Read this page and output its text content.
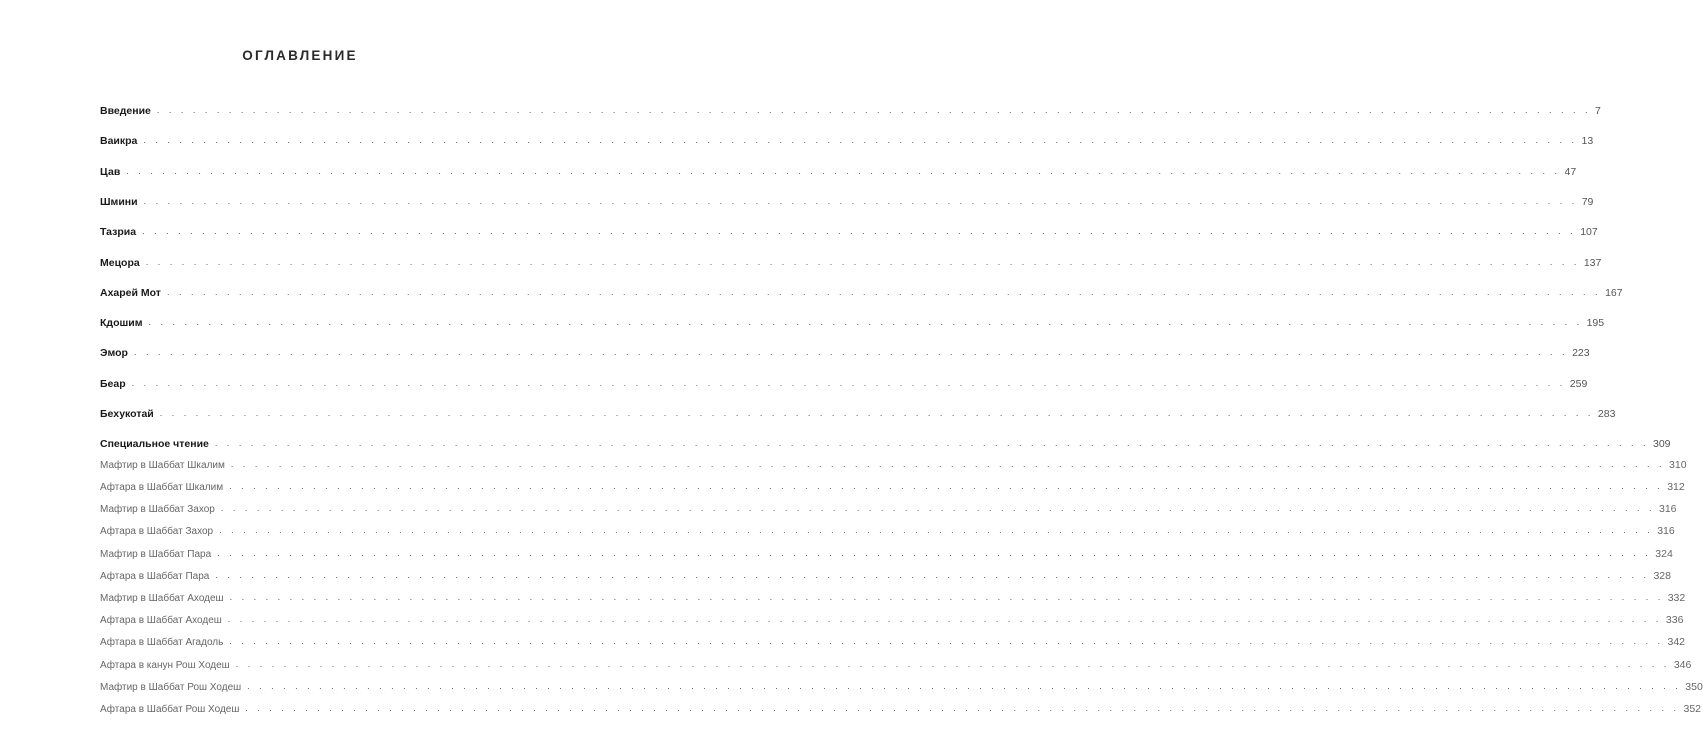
ОГЛАВЛЕНИЕ
Введение . . . . . . . . . . . . . . . . . . . . . . . . . . . . . . . . . . . . . . . . . . . . . . . . . . . . . . . . . . . . . . . . . . . . . . . . . . . . . . . . . . . . . . . . . . . . . . . . . . . . . . . . . . . . . . . . . . . . . . . . 7
Ваикра . . . . . . . . . . . . . . . . . . . . . . . . . . . . . . . . . . . . . . . . . . . . . . . . . . . . . . . . . . . . . . . . . . . . . . . . . . . . . . . . . . . . . . . . . . . . . . . . . . . . . . . . . . . . . . . . . . . . . . . . 13
Цав . . . . . . . . . . . . . . . . . . . . . . . . . . . . . . . . . . . . . . . . . . . . . . . . . . . . . . . . . . . . . . . . . . . . . . . . . . . . . . . . . . . . . . . . . . . . . . . . . . . . . . . . . . . . . . . . . . . . . . . . 47
Шмини . . . . . . . . . . . . . . . . . . . . . . . . . . . . . . . . . . . . . . . . . . . . . . . . . . . . . . . . . . . . . . . . . . . . . . . . . . . . . . . . . . . . . . . . . . . . . . . . . . . . . . . . . . . . . . . . . . . . . . . . 79
Тазриа . . . . . . . . . . . . . . . . . . . . . . . . . . . . . . . . . . . . . . . . . . . . . . . . . . . . . . . . . . . . . . . . . . . . . . . . . . . . . . . . . . . . . . . . . . . . . . . . . . . . . . . . . . . . . . . . . . . . . . . . 107
Мецора . . . . . . . . . . . . . . . . . . . . . . . . . . . . . . . . . . . . . . . . . . . . . . . . . . . . . . . . . . . . . . . . . . . . . . . . . . . . . . . . . . . . . . . . . . . . . . . . . . . . . . . . . . . . . . . . . . . . . . . . 137
Ахарей Мот . . . . . . . . . . . . . . . . . . . . . . . . . . . . . . . . . . . . . . . . . . . . . . . . . . . . . . . . . . . . . . . . . . . . . . . . . . . . . . . . . . . . . . . . . . . . . . . . . . . . . . . . . . . . . . . . . . . . . . . . 167
Кдошим . . . . . . . . . . . . . . . . . . . . . . . . . . . . . . . . . . . . . . . . . . . . . . . . . . . . . . . . . . . . . . . . . . . . . . . . . . . . . . . . . . . . . . . . . . . . . . . . . . . . . . . . . . . . . . . . . . . . . . . . 195
Эмор . . . . . . . . . . . . . . . . . . . . . . . . . . . . . . . . . . . . . . . . . . . . . . . . . . . . . . . . . . . . . . . . . . . . . . . . . . . . . . . . . . . . . . . . . . . . . . . . . . . . . . . . . . . . . . . . . . . . . . . . 223
Беар . . . . . . . . . . . . . . . . . . . . . . . . . . . . . . . . . . . . . . . . . . . . . . . . . . . . . . . . . . . . . . . . . . . . . . . . . . . . . . . . . . . . . . . . . . . . . . . . . . . . . . . . . . . . . . . . . . . . . . . . 259
Бехукотай . . . . . . . . . . . . . . . . . . . . . . . . . . . . . . . . . . . . . . . . . . . . . . . . . . . . . . . . . . . . . . . . . . . . . . . . . . . . . . . . . . . . . . . . . . . . . . . . . . . . . . . . . . . . . . . . . . . . . . . . 283
Специальное чтение . . . . . . . . . . . . . . . . . . . . . . . . . . . . . . . . . . . . . . . . . . . . . . . . . . . . . . . . . . . . . . . . . . . . . . . . . . . . . . . . . . . . . . . . . . . . . . . . . . . . . . . . . . . . . . . . . . . . . . . . 309
Мафтир в Шаббат Шкалим . . . . . . . . . . . . . . . . . . . . . . . . . . . . . . . . . . . . . . . . . . . . . . . . . . . . . . . . . . . . . . . . . . . . . . . . . . . . . . . . . . . . . . . . . . . . . . . . . . . . . . . . . . . . . . . . . . . . . . . . 310
Афтара в Шаббат Шкалим . . . . . . . . . . . . . . . . . . . . . . . . . . . . . . . . . . . . . . . . . . . . . . . . . . . . . . . . . . . . . . . . . . . . . . . . . . . . . . . . . . . . . . . . . . . . . . . . . . . . . . . . . . . . . . . . . . . . . . . . 312
Мафтир в Шаббат Захор . . . . . . . . . . . . . . . . . . . . . . . . . . . . . . . . . . . . . . . . . . . . . . . . . . . . . . . . . . . . . . . . . . . . . . . . . . . . . . . . . . . . . . . . . . . . . . . . . . . . . . . . . . . . . . . . . . . . . . . . 316
Афтара в Шаббат Захор . . . . . . . . . . . . . . . . . . . . . . . . . . . . . . . . . . . . . . . . . . . . . . . . . . . . . . . . . . . . . . . . . . . . . . . . . . . . . . . . . . . . . . . . . . . . . . . . . . . . . . . . . . . . . . . . . . . . . . . . 316
Мафтир в Шаббат Пара . . . . . . . . . . . . . . . . . . . . . . . . . . . . . . . . . . . . . . . . . . . . . . . . . . . . . . . . . . . . . . . . . . . . . . . . . . . . . . . . . . . . . . . . . . . . . . . . . . . . . . . . . . . . . . . . . . . . . . . . 324
Афтара в Шаббат Пара . . . . . . . . . . . . . . . . . . . . . . . . . . . . . . . . . . . . . . . . . . . . . . . . . . . . . . . . . . . . . . . . . . . . . . . . . . . . . . . . . . . . . . . . . . . . . . . . . . . . . . . . . . . . . . . . . . . . . . . . 328
Мафтир в Шаббат Аходеш . . . . . . . . . . . . . . . . . . . . . . . . . . . . . . . . . . . . . . . . . . . . . . . . . . . . . . . . . . . . . . . . . . . . . . . . . . . . . . . . . . . . . . . . . . . . . . . . . . . . . . . . . . . . . . . . . . . . . . . . 332
Афтара в Шаббат Аходеш . . . . . . . . . . . . . . . . . . . . . . . . . . . . . . . . . . . . . . . . . . . . . . . . . . . . . . . . . . . . . . . . . . . . . . . . . . . . . . . . . . . . . . . . . . . . . . . . . . . . . . . . . . . . . . . . . . . . . . . . 336
Афтара в Шаббат Агадоль . . . . . . . . . . . . . . . . . . . . . . . . . . . . . . . . . . . . . . . . . . . . . . . . . . . . . . . . . . . . . . . . . . . . . . . . . . . . . . . . . . . . . . . . . . . . . . . . . . . . . . . . . . . . . . . . . . . . . . . . 342
Афтара в канун Рош Ходеш . . . . . . . . . . . . . . . . . . . . . . . . . . . . . . . . . . . . . . . . . . . . . . . . . . . . . . . . . . . . . . . . . . . . . . . . . . . . . . . . . . . . . . . . . . . . . . . . . . . . . . . . . . . . . . . . . . . . . . . . 346
Мафтир в Шаббат Рош Ходеш . . . . . . . . . . . . . . . . . . . . . . . . . . . . . . . . . . . . . . . . . . . . . . . . . . . . . . . . . . . . . . . . . . . . . . . . . . . . . . . . . . . . . . . . . . . . . . . . . . . . . . . . . . . . . . . . . . . . . . . . 350
Афтара в Шаббат Рош Ходеш . . . . . . . . . . . . . . . . . . . . . . . . . . . . . . . . . . . . . . . . . . . . . . . . . . . . . . . . . . . . . . . . . . . . . . . . . . . . . . . . . . . . . . . . . . . . . . . . . . . . . . . . . . . . . . . . . . . . . . . . 352
